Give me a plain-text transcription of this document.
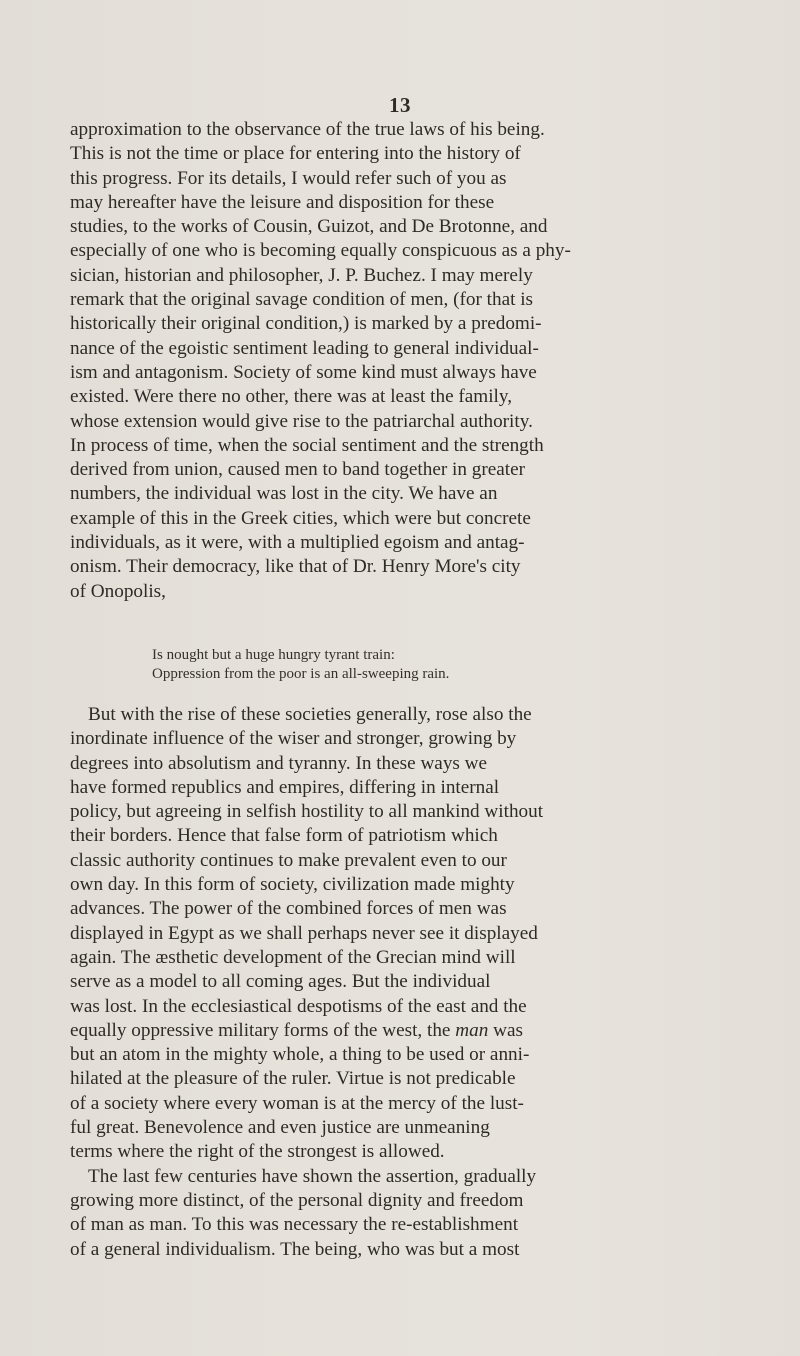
13
approximation to the observance of the true laws of his being.
This is not the time or place for entering into the history of
this progress. For its details, I would refer such of you as
may hereafter have the leisure and disposition for these
studies, to the works of Cousin, Guizot, and De Brotonne, and
especially of one who is becoming equally conspicuous as a phy-
sician, historian and philosopher, J. P. Buchez. I may merely
remark that the original savage condition of men, (for that is
historically their original condition,) is marked by a predomi-
nance of the egoistic sentiment leading to general individual-
ism and antagonism. Society of some kind must always have
existed. Were there no other, there was at least the family,
whose extension would give rise to the patriarchal authority.
In process of time, when the social sentiment and the strength
derived from union, caused men to band together in greater
numbers, the individual was lost in the city. We have an
example of this in the Greek cities, which were but concrete
individuals, as it were, with a multiplied egoism and antag-
onism. Their democracy, like that of Dr. Henry More's city
of Onopolis,
Is nought but a huge hungry tyrant train:
Oppression from the poor is an all-sweeping rain.
But with the rise of these societies generally, rose also the
inordinate influence of the wiser and stronger, growing by
degrees into absolutism and tyranny. In these ways we
have formed republics and empires, differing in internal
policy, but agreeing in selfish hostility to all mankind without
their borders. Hence that false form of patriotism which
classic authority continues to make prevalent even to our
own day. In this form of society, civilization made mighty
advances. The power of the combined forces of men was
displayed in Egypt as we shall perhaps never see it displayed
again. The æsthetic development of the Grecian mind will
serve as a model to all coming ages. But the individual
was lost. In the ecclesiastical despotisms of the east and the
equally oppressive military forms of the west, the man was
but an atom in the mighty whole, a thing to be used or anni-
hilated at the pleasure of the ruler. Virtue is not predicable
of a society where every woman is at the mercy of the lust-
ful great. Benevolence and even justice are unmeaning
terms where the right of the strongest is allowed.
The last few centuries have shown the assertion, gradually
growing more distinct, of the personal dignity and freedom
of man as man. To this was necessary the re-establishment
of a general individualism. The being, who was but a most
